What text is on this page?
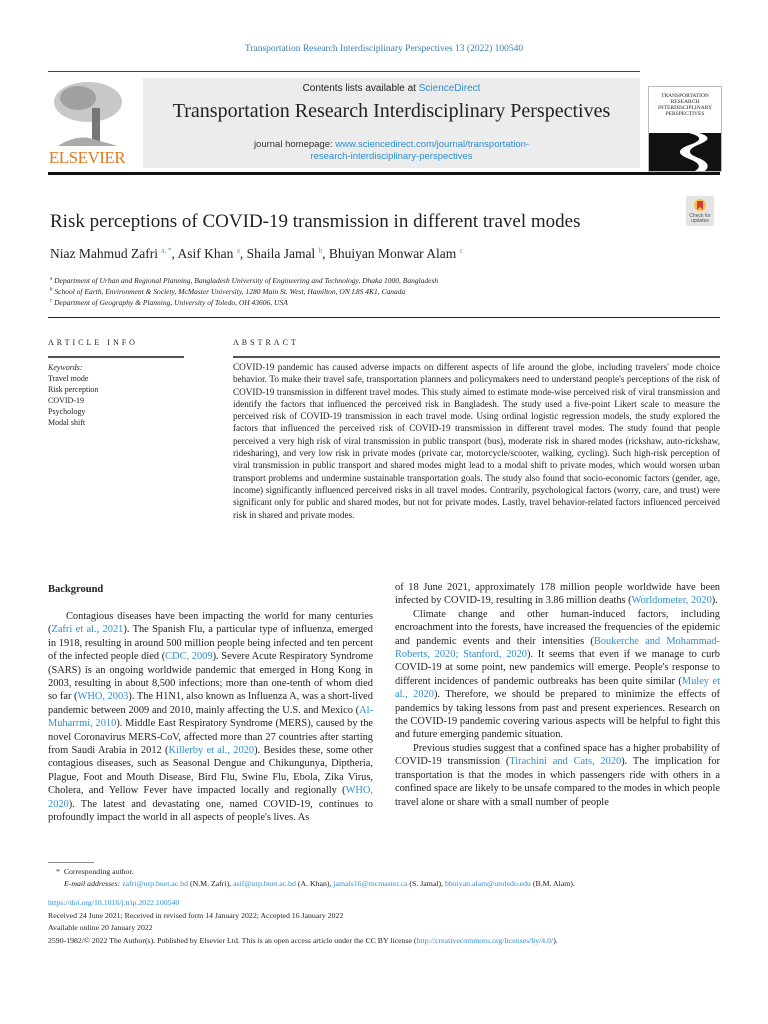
Transportation Research Interdisciplinary Perspectives 13 (2022) 100540
ELSEVIER
Contents lists available at ScienceDirect
Transportation Research Interdisciplinary Perspectives
journal homepage: www.sciencedirect.com/journal/transportation-
research-interdisciplinary-perspectives
TRANSPORTATION RESEARCH INTERDISCIPLINARY PERSPECTIVES
Risk perceptions of COVID-19 transmission in different travel modes	Check for updates
Niaz Mahmud Zafri $^{a, *}$, Asif Khan $^a$, Shaila Jamal $^b$, Bhuiyan Monwar Alam $^c$
$^a$ Department of Urban and Regional Planning, Bangladesh University of Engineering and Technology, Dhaka 1000, Bangladesh
$^b$ School of Earth, Environment & Society, McMaster University, 1280 Main St. West, Hamilton, ON L8S 4K1, Canada
$^c$ Department of Geography & Planning, University of Toledo, OH 43606, USA
ARTICLE INFO	ABSTRACT
Keywords:
Travel mode
Risk perception
COVID-19
Psychology
Modal shift
COVID-19 pandemic has caused adverse impacts on different aspects of life around the globe, including travelers' mode choice behavior. To make their travel safe, transportation planners and policymakers need to understand people's perceptions of the risk of COVID-19 transmission in different travel modes. This study aimed to estimate mode-wise perceived risk of viral transmission and identify the factors that influenced the perceived risk in Bangladesh. The study used a five-point Likert scale to measure the perceived risk of COVID-19 transmission in each travel mode. Using ordinal logistic regression models, the study explored the factors that influenced the perceived risk of COVID-19 transmission in different travel modes. The study found that people perceived a very high risk of viral transmission in public transport (bus), moderate risk in shared modes (rickshaw, auto-rickshaw, ridesharing), and very low risk in private modes (private car, motorcycle/scooter, walking, cycling). Such high-risk perception of viral transmission in public transport and shared modes might lead to a modal shift to private modes, which would worsen urban transport problems and undermine sustainable transportation goals. The study also found that socio-economic factors (gender, age, income) significantly influenced perceived risks in all travel modes. Contrarily, psychological factors (worry, care, and trust) were significant only for public and shared modes, but not for private modes. Lastly, travel behavior-related factors influenced perceived risk in shared and private modes.
Background

Contagious diseases have been impacting the world for many centuries (Zafri et al., 2021). The Spanish Flu, a particular type of influenza, emerged in 1918, resulting in around 500 million people being infected and ten percent of the infected people died (CDC, 2009). Severe Acute Respiratory Syndrome (SARS) is an ongoing worldwide pandemic that emerged in Hong Kong in 2003, resulting in about 8,500 infections; more than one-tenth of whom died so far (WHO, 2003). The H1N1, also known as Influenza A, was a short-lived pandemic between 2009 and 2010, mainly affecting the U.S. and Mexico (Al-Muharrmi, 2010). Middle East Respiratory Syndrome (MERS), caused by the novel Coronavirus MERS-CoV, affected more than 27 countries after starting from Saudi Arabia in 2012 (Killerby et al., 2020). Besides these, some other contagious diseases, such as Seasonal Dengue and Chikungunya, Diptheria, Plague, Foot and Mouth Disease, Bird Flu, Swine Flu, Ebola, Zika Virus, Cholera, and Yellow Fever have impacted locally and regionally (WHO, 2020). The latest and devastating one, named COVID-19, continues to profoundly impact the world in all aspects of people's lives. As

of 18 June 2021, approximately 178 million people worldwide have been infected by COVID-19, resulting in 3.86 million deaths (Worldometer, 2020).

Climate change and other human-induced factors, including encroachment into the forests, have increased the frequencies of the epidemic and pandemic events and their intensities (Boukerche and Mohammad-Roberts, 2020; Stanford, 2020). It seems that even if we manage to curb COVID-19 at some point, new pandemics will emerge. People's response to different incidences of pandemic outbreaks has been quite similar (Muley et al., 2020). Therefore, we should be prepared to minimize the effects of pandemics by taking lessons from past and present experiences. Research on the COVID-19 pandemic covering various aspects will be helpful to fight this and future emerging pandemic situation.

Previous studies suggest that a confined space has a higher probability of COVID-19 transmission (Tirachini and Cats, 2020). The implication for transportation is that the modes in which passengers ride with others in a confined space are likely to be unsafe compared to the modes in which people travel alone or share with a small number of people

* Corresponding author.
E-mail addresses: zafri@urp.buet.ac.bd (N.M. Zafri), asif@urp.buet.ac.bd (A. Khan), jamals16@mcmaster.ca (S. Jamal), bhuiyan.alam@utoledo.edu (B.M. Alam).
https://doi.org/10.1016/j.trip.2022.100540
Received 24 June 2021; Received in revised form 14 January 2022; Accepted 16 January 2022
Available online 20 January 2022
2590-1982/© 2022 The Author(s). Published by Elsevier Ltd. This is an open access article under the CC BY license (http://creativecommons.org/licenses/by/4.0/).
